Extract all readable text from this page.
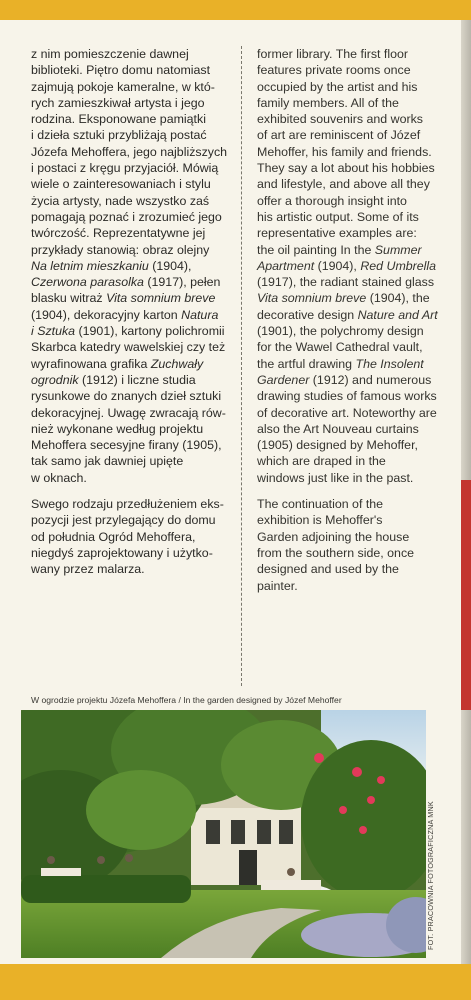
z nim pomieszczenie dawnej
biblioteki. Piętro domu natomiast
zajmują pokoje kameralne, w któ-
rych zamieszkiwał artysta i jego
rodzina. Eksponowane pamiątki
i dzieła sztuki przybliżają postać
Józefa Mehoffera, jego najbliższych
i postaci z kręgu przyjaciół. Mówią
wiele o zainteresowaniach i stylu
życia artysty, nade wszystko zaś
pomagają poznać i zrozumieć jego
twórczość. Reprezentatywne jej
przykłady stanowią: obraz olejny
Na letnim mieszkaniu (1904),
Czerwona parasolka (1917), pełen
blasku witraż Vita somnium breve
(1904), dekoracyjny karton Natura
i Sztuka (1901), kartony polichromii
Skarbca katedry wawelskiej czy też
wyrafinowana grafika Zuchwały
ogrodnik (1912) i liczne studia
rysunkowe do znanych dzieł sztuki
dekoracyjnej. Uwagę zwracają rów-
nież wykonane według projektu
Mehoffera secesyjne firany (1905),
tak samo jak dawniej upięte
w oknach.

Swego rodzaju przedłużeniem eks-
pozycji jest przylegający do domu
od południa Ogród Mehoffera,
niegdyś zaprojektowany i użytko-
wany przez malarza.

former library. The first floor
features private rooms once
occupied by the artist and his
family members. All of the
exhibited souvenirs and works
of art are reminiscent of Józef
Mehoffer, his family and friends.
They say a lot about his hobbies
and lifestyle, and above all they
offer a thorough insight into
his artistic output. Some of its
representative examples are:
the oil painting In the Summer
Apartment (1904), Red Umbrella
(1917), the radiant stained glass
Vita somnium breve (1904), the
decorative design Nature and Art
(1901), the polychromy design
for the Wawel Cathedral vault,
the artful drawing The Insolent
Gardener (1912) and numerous
drawing studies of famous works
of decorative art. Noteworthy are
also the Art Nouveau curtains
(1905) designed by Mehoffer,
which are draped in the
windows just like in the past.

The continuation of the
exhibition is Mehoffer's
Garden adjoining the house
from the southern side, once
designed and used by the
painter.

W ogrodzie projektu Józefa Mehoffera / In the garden designed by Józef Mehoffer
FOT. PRACOWNIA FOTOGRAFICZNA MNK
